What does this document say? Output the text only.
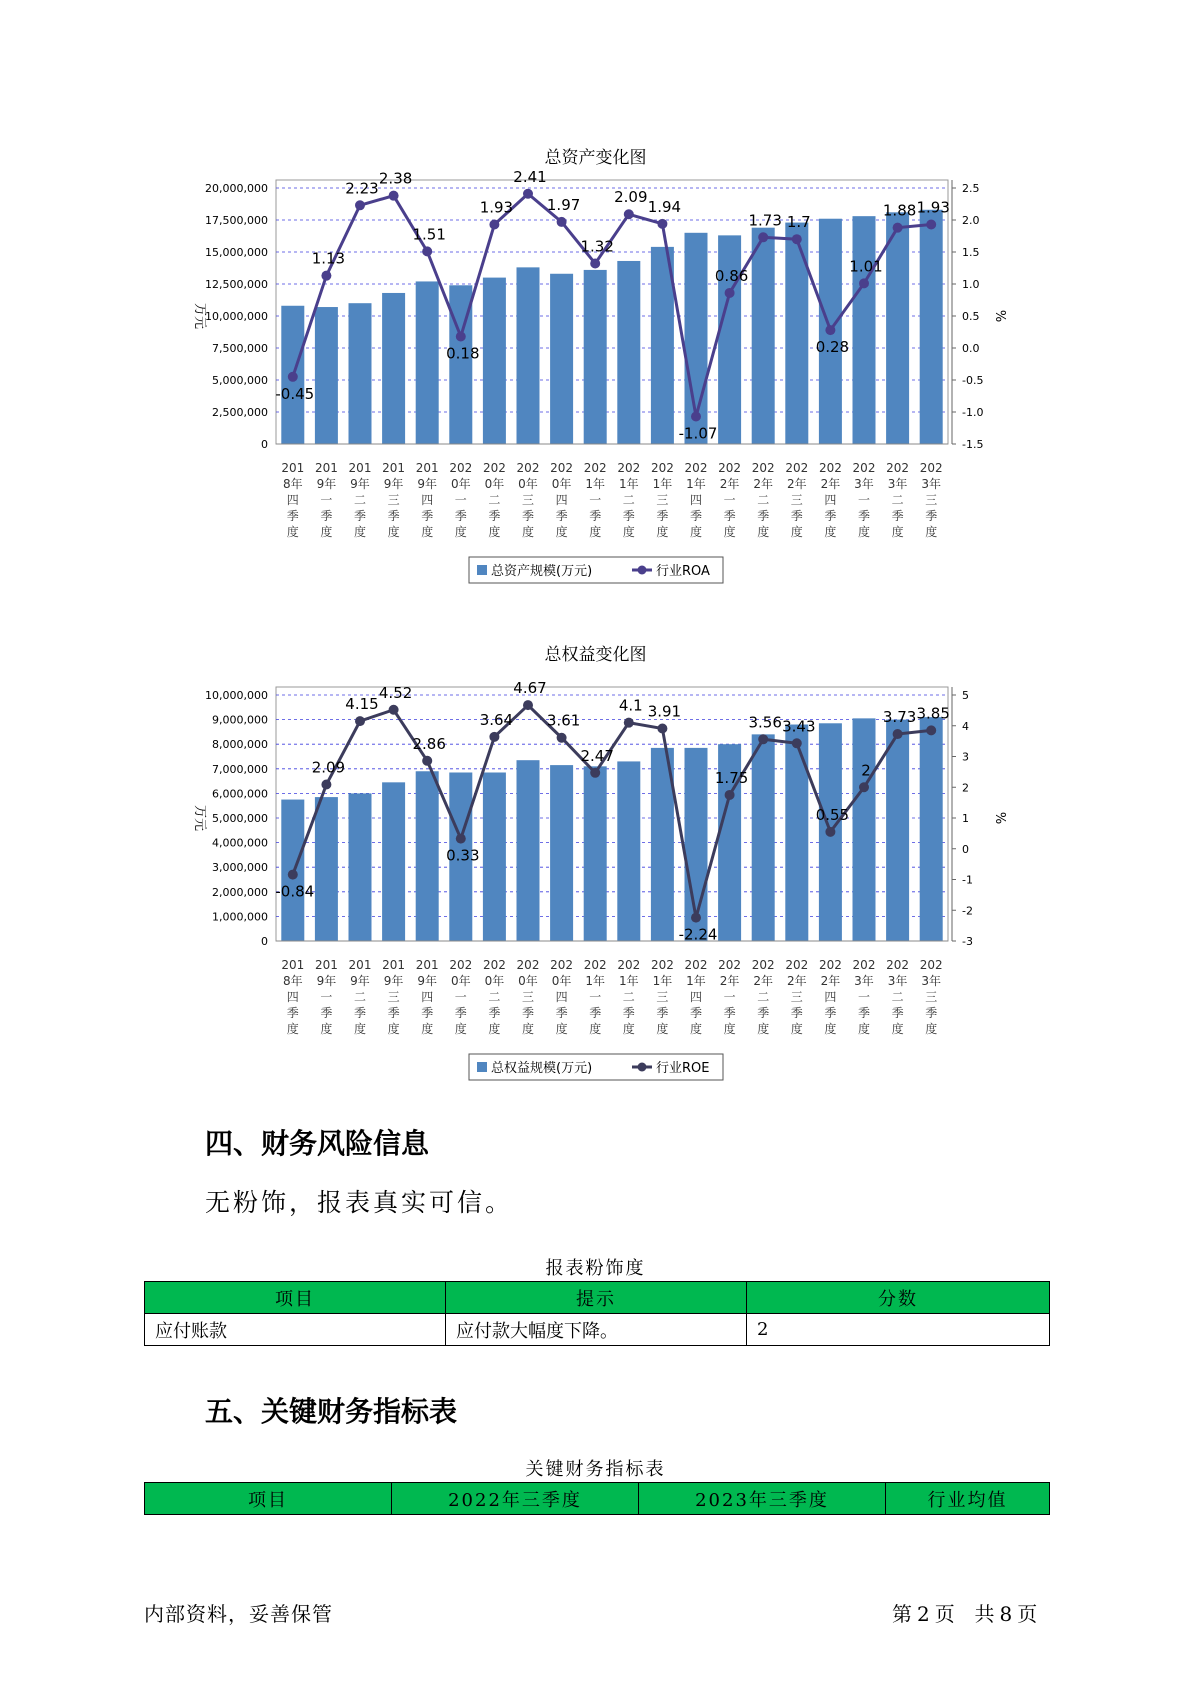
总资产变化图
20,000,000
17,500,000
15,000,000
12,500,000
10,000,000
7,500,000
5,000,000
2,500,000
0
2.5
2.0
1.5
1.0
0.5
0.0
-0.5
-1.0
-1.5
万元	%
-0.45
1.13
2.23
2.38
1.51
0.18
1.93
2.41
1.97
1.32
2.09
1.94
-1.07
0.86
1.73 1.7
0.28
1.01
1.88 1.93
201 8年四季度
201 9年一季度
201 9年二季度
201 9年三季度
201 9年四季度
202 0年一季度
202 0年二季度
202 0年三季度
202 0年四季度
202 1年一季度
202 1年二季度
202 1年三季度
202 1年四季度
202 2年一季度
202 2年二季度
202 2年三季度
202 2年四季度
202 3年一季度
202 3年二季度
202 3年三季度
总资产规模(万元)	行业ROA
总权益变化图
10,000,000
9,000,000
8,000,000
7,000,000
6,000,000
5,000,000
4,000,000
3,000,000
2,000,000
1,000,000
0
5
4
3
2
1
0
-1
-2
-3
万元	%
-0.84
2.09
4.15
4.52
2.86
0.33
3.64
4.67
3.61
2.47
4.1 3.91
-2.24
1.75
3.56 3.43
0.55
2
3.73 3.85
201 8年四季度
201 9年一季度
201 9年二季度
201 9年三季度
201 9年四季度
202 0年一季度
202 0年二季度
202 0年三季度
202 0年四季度
202 1年一季度
202 1年二季度
202 1年三季度
202 1年四季度
202 2年一季度
202 2年二季度
202 2年三季度
202 2年四季度
202 3年一季度
202 3年二季度
202 3年三季度
总权益规模(万元)	行业ROE
四、财务风险信息
无粉饰，报表真实可信。
报表粉饰度
项目	提示	分数
应付账款	应付款大幅度下降。	2
五、关键财务指标表
关键财务指标表
项目	2022年三季度	2023年三季度	行业均值
内部资料，妥善保管	第 2 页 共 8 页
